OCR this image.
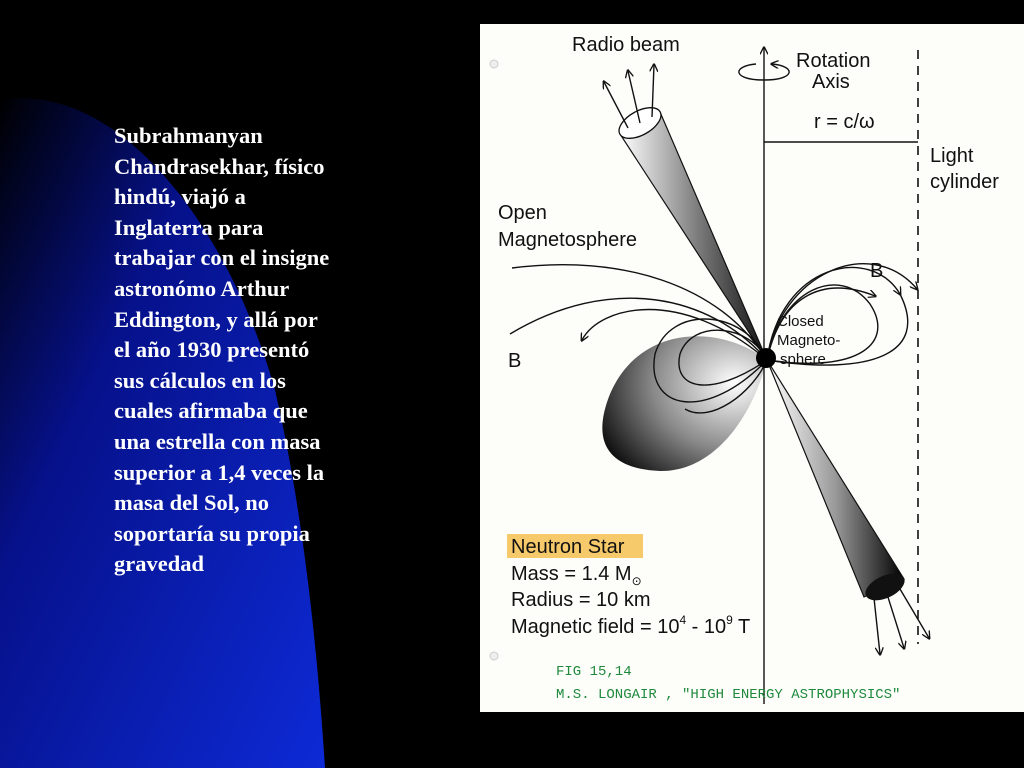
Subrahmanyan
Chandrasekhar, físico
hindú, viajó a
Inglaterra para
trabajar con el insigne
astronómo Arthur
Eddington, y allá por
el año 1930 presentó
sus cálculos en los
cuales afirmaba que
una estrella con masa
superior a 1,4 veces la
masa del Sol, no
soportaría su propia
gravedad

Radio beam
Rotation
Axis
r = c/ω
Light
cylinder
Open
Magnetosphere
B
B
Closed
Magneto-
sphere
Neutron Star
Mass = 1.4 $M_⊙$
Radius = 10 km
Magnetic field = $10^4 - 10^9$ T
FIG 15,14
M.S. LONGAIR , "HIGH ENERGY ASTROPHYSICS"
